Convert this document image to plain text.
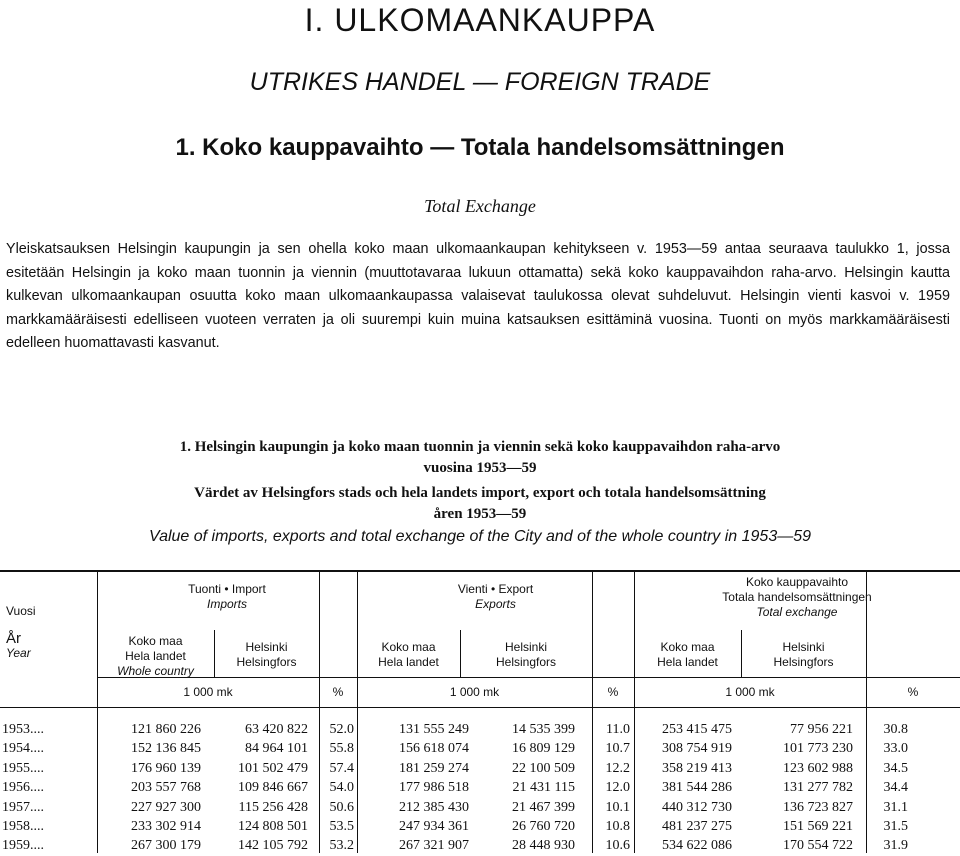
I. ULKOMAANKAUPPA
UTRIKES HANDEL — FOREIGN TRADE
1. Koko kauppavaihto — Totala handelsomsättningen
Total Exchange
Yleiskatsauksen Helsingin kaupungin ja sen ohella koko maan ulkomaankaupan kehitykseen v. 1953—59 antaa seuraava taulukko 1, jossa esitetään Helsingin ja koko maan tuonnin ja viennin (muuttotavaraa lukuun ottamatta) sekä koko kauppavaihdon raha-arvo. Helsingin kautta kulkevan ulkomaankaupan osuutta koko maan ulkomaankaupassa valaisevat taulukossa olevat suhdeluvut. Helsingin vienti kasvoi v. 1959 markkamääräisesti edelliseen vuoteen verraten ja oli suurempi kuin muina katsauksen esittäminä vuosina. Tuonti on myös markkamääräisesti edelleen huomattavasti kasvanut.
1. Helsingin kaupungin ja koko maan tuonnin ja viennin sekä koko kauppavaihdon raha-arvo
vuosina 1953—59
Värdet av Helsingfors stads och hela landets import, export och totala handelsomsättning
åren 1953—59
Value of imports, exports and total exchange of the City and of the whole country in 1953—59
Vuosi
År
Year
Tuonti • Import
Imports
Koko maa
Hela landet
Whole country
Helsinki
Helsingfors
1 000 mk	%
Vienti • Export
Exports
Koko maa
Hela landet
Helsinki
Helsingfors
1 000 mk	%
Koko kauppavaihto
Totala handelsomsättningen
Total exchange
Koko maa
Hela landet
Helsinki
Helsingfors
1 000 mk	%
1953....	121 860 226	63 420 822	52.0	131 555 249	14 535 399	11.0	253 415 475	77 956 221	30.8
1954....	152 136 845	84 964 101	55.8	156 618 074	16 809 129	10.7	308 754 919	101 773 230	33.0
1955....	176 960 139	101 502 479	57.4	181 259 274	22 100 509	12.2	358 219 413	123 602 988	34.5
1956....	203 557 768	109 846 667	54.0	177 986 518	21 431 115	12.0	381 544 286	131 277 782	34.4
1957....	227 927 300	115 256 428	50.6	212 385 430	21 467 399	10.1	440 312 730	136 723 827	31.1
1958....	233 302 914	124 808 501	53.5	247 934 361	26 760 720	10.8	481 237 275	151 569 221	31.5
1959....	267 300 179	142 105 792	53.2	267 321 907	28 448 930	10.6	534 622 086	170 554 722	31.9
